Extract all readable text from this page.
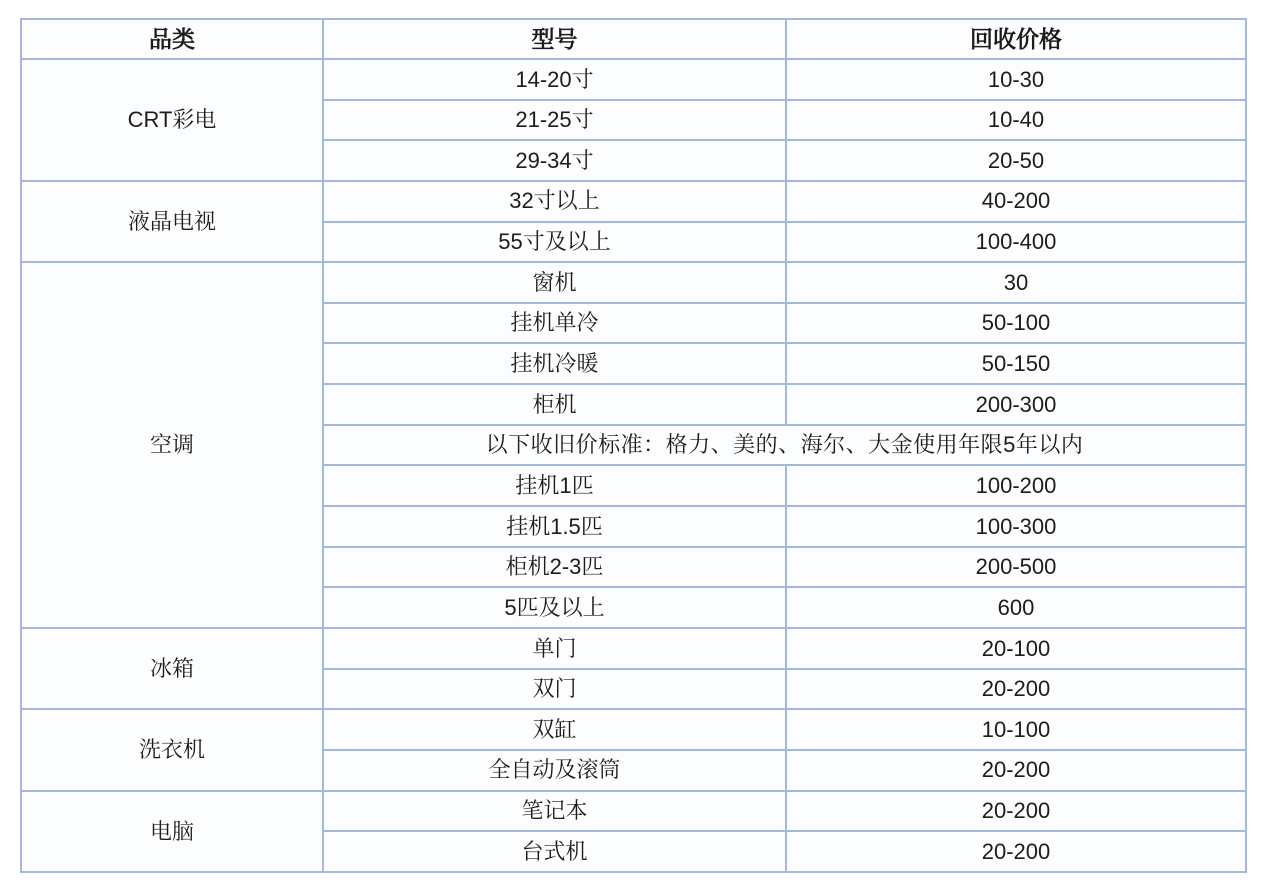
品类	型号	回收价格
CRT彩电	14-20寸	10-30
	21-25寸	10-40
	29-34寸	20-50
液晶电视	32寸以上	40-200
	55寸及以上	100-400
空调	窗机	30
	挂机单冷	50-100
	挂机冷暖	50-150
	柜机	200-300
	以下收旧价标准：格力、美的、海尔、大金使用年限5年以内	
	挂机1匹	100-200
	挂机1.5匹	100-300
	柜机2-3匹	200-500
	5匹及以上	600
冰箱	单门	20-100
	双门	20-200
洗衣机	双缸	10-100
	全自动及滚筒	20-200
电脑	笔记本	20-200
	台式机	20-200
